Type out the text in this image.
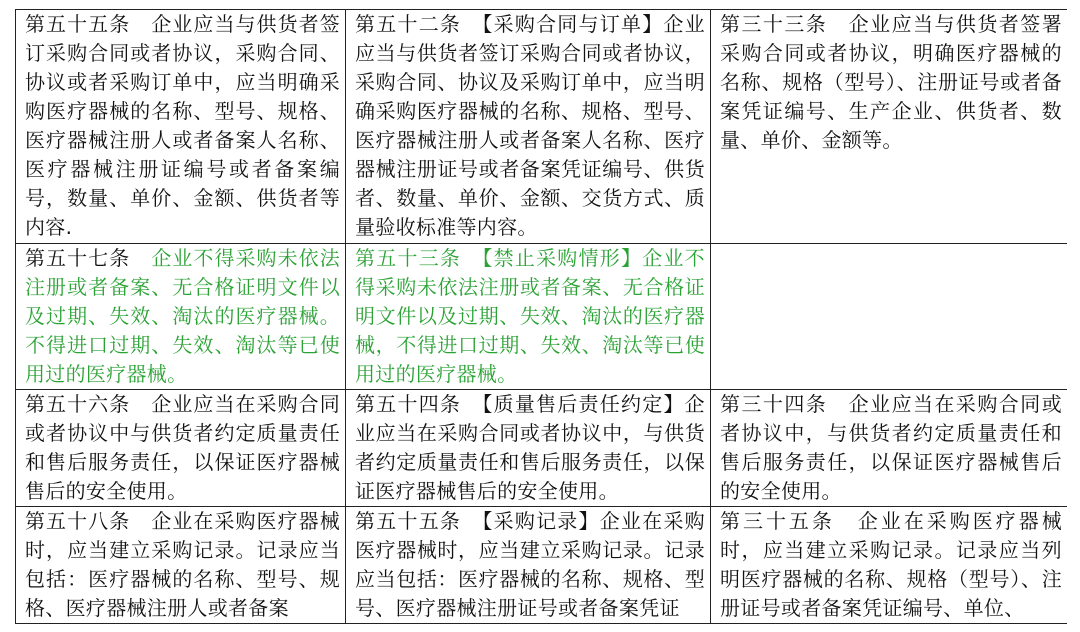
第五十五条　 企业应当与供货者签订采购合同或者协议，采购合同、协议或者采购订单中，应当明确采购医疗器械的名称、型号、规格、医疗器械注册人或者备案人名称、医疗器械注册证编号或者备案编号，数量、单价、金额、供货者等内容.	第五十二条　 【采购合同与订单】企业应当与供货者签订采购合同或者协议，采购合同、协议及采购订单中，应当明确采购医疗器械的名称、规格、型号、医疗器械注册人或者备案人名称、医疗器械注册证号或者备案凭证编号、供货者、数量、单价、金额、交货方式、质量验收标准等内容。	第三十三条　 企业应当与供货者签署采购合同或者协议，明确医疗器械的名称、规格（型号）、注册证号或者备案凭证编号、生产企业、供货者、数量、单价、金额等。
第五十七条　 企业不得采购未依法注册或者备案、无合格证明文件以及过期、失效、淘汰的医疗器械。不得进口过期、失效、淘汰等已使用过的医疗器械。	第五十三条　 【禁止采购情形】企业不得采购未依法注册或者备案、无合格证明文件以及过期、失效、淘汰的医疗器械，不得进口过期、失效、淘汰等已使用过的医疗器械。	
第五十六条　 企业应当在采购合同或者协议中与供货者约定质量责任和售后服务责任，以保证医疗器械售后的安全使用。	第五十四条　 【质量售后责任约定】企业应当在采购合同或者协议中，与供货者约定质量责任和售后服务责任，以保证医疗器械售后的安全使用。	第三十四条　 企业应当在采购合同或者协议中，与供货者约定质量责任和售后服务责任，以保证医疗器械售后的安全使用。
第五十八条　 企业在采购医疗器械时，应当建立采购记录。记录应当包括：医疗器械的名称、型号、规格、医疗器械注册人或者备案	第五十五条　 【采购记录】企业在采购医疗器械时，应当建立采购记录。记录应当包括：医疗器械的名称、规格、型号、医疗器械注册证号或者备案凭证	第三十五条　 企业在采购医疗器械时，应当建立采购记录。记录应当列明医疗器械的名称、规格（型号）、注册证号或者备案凭证编号、单位、
